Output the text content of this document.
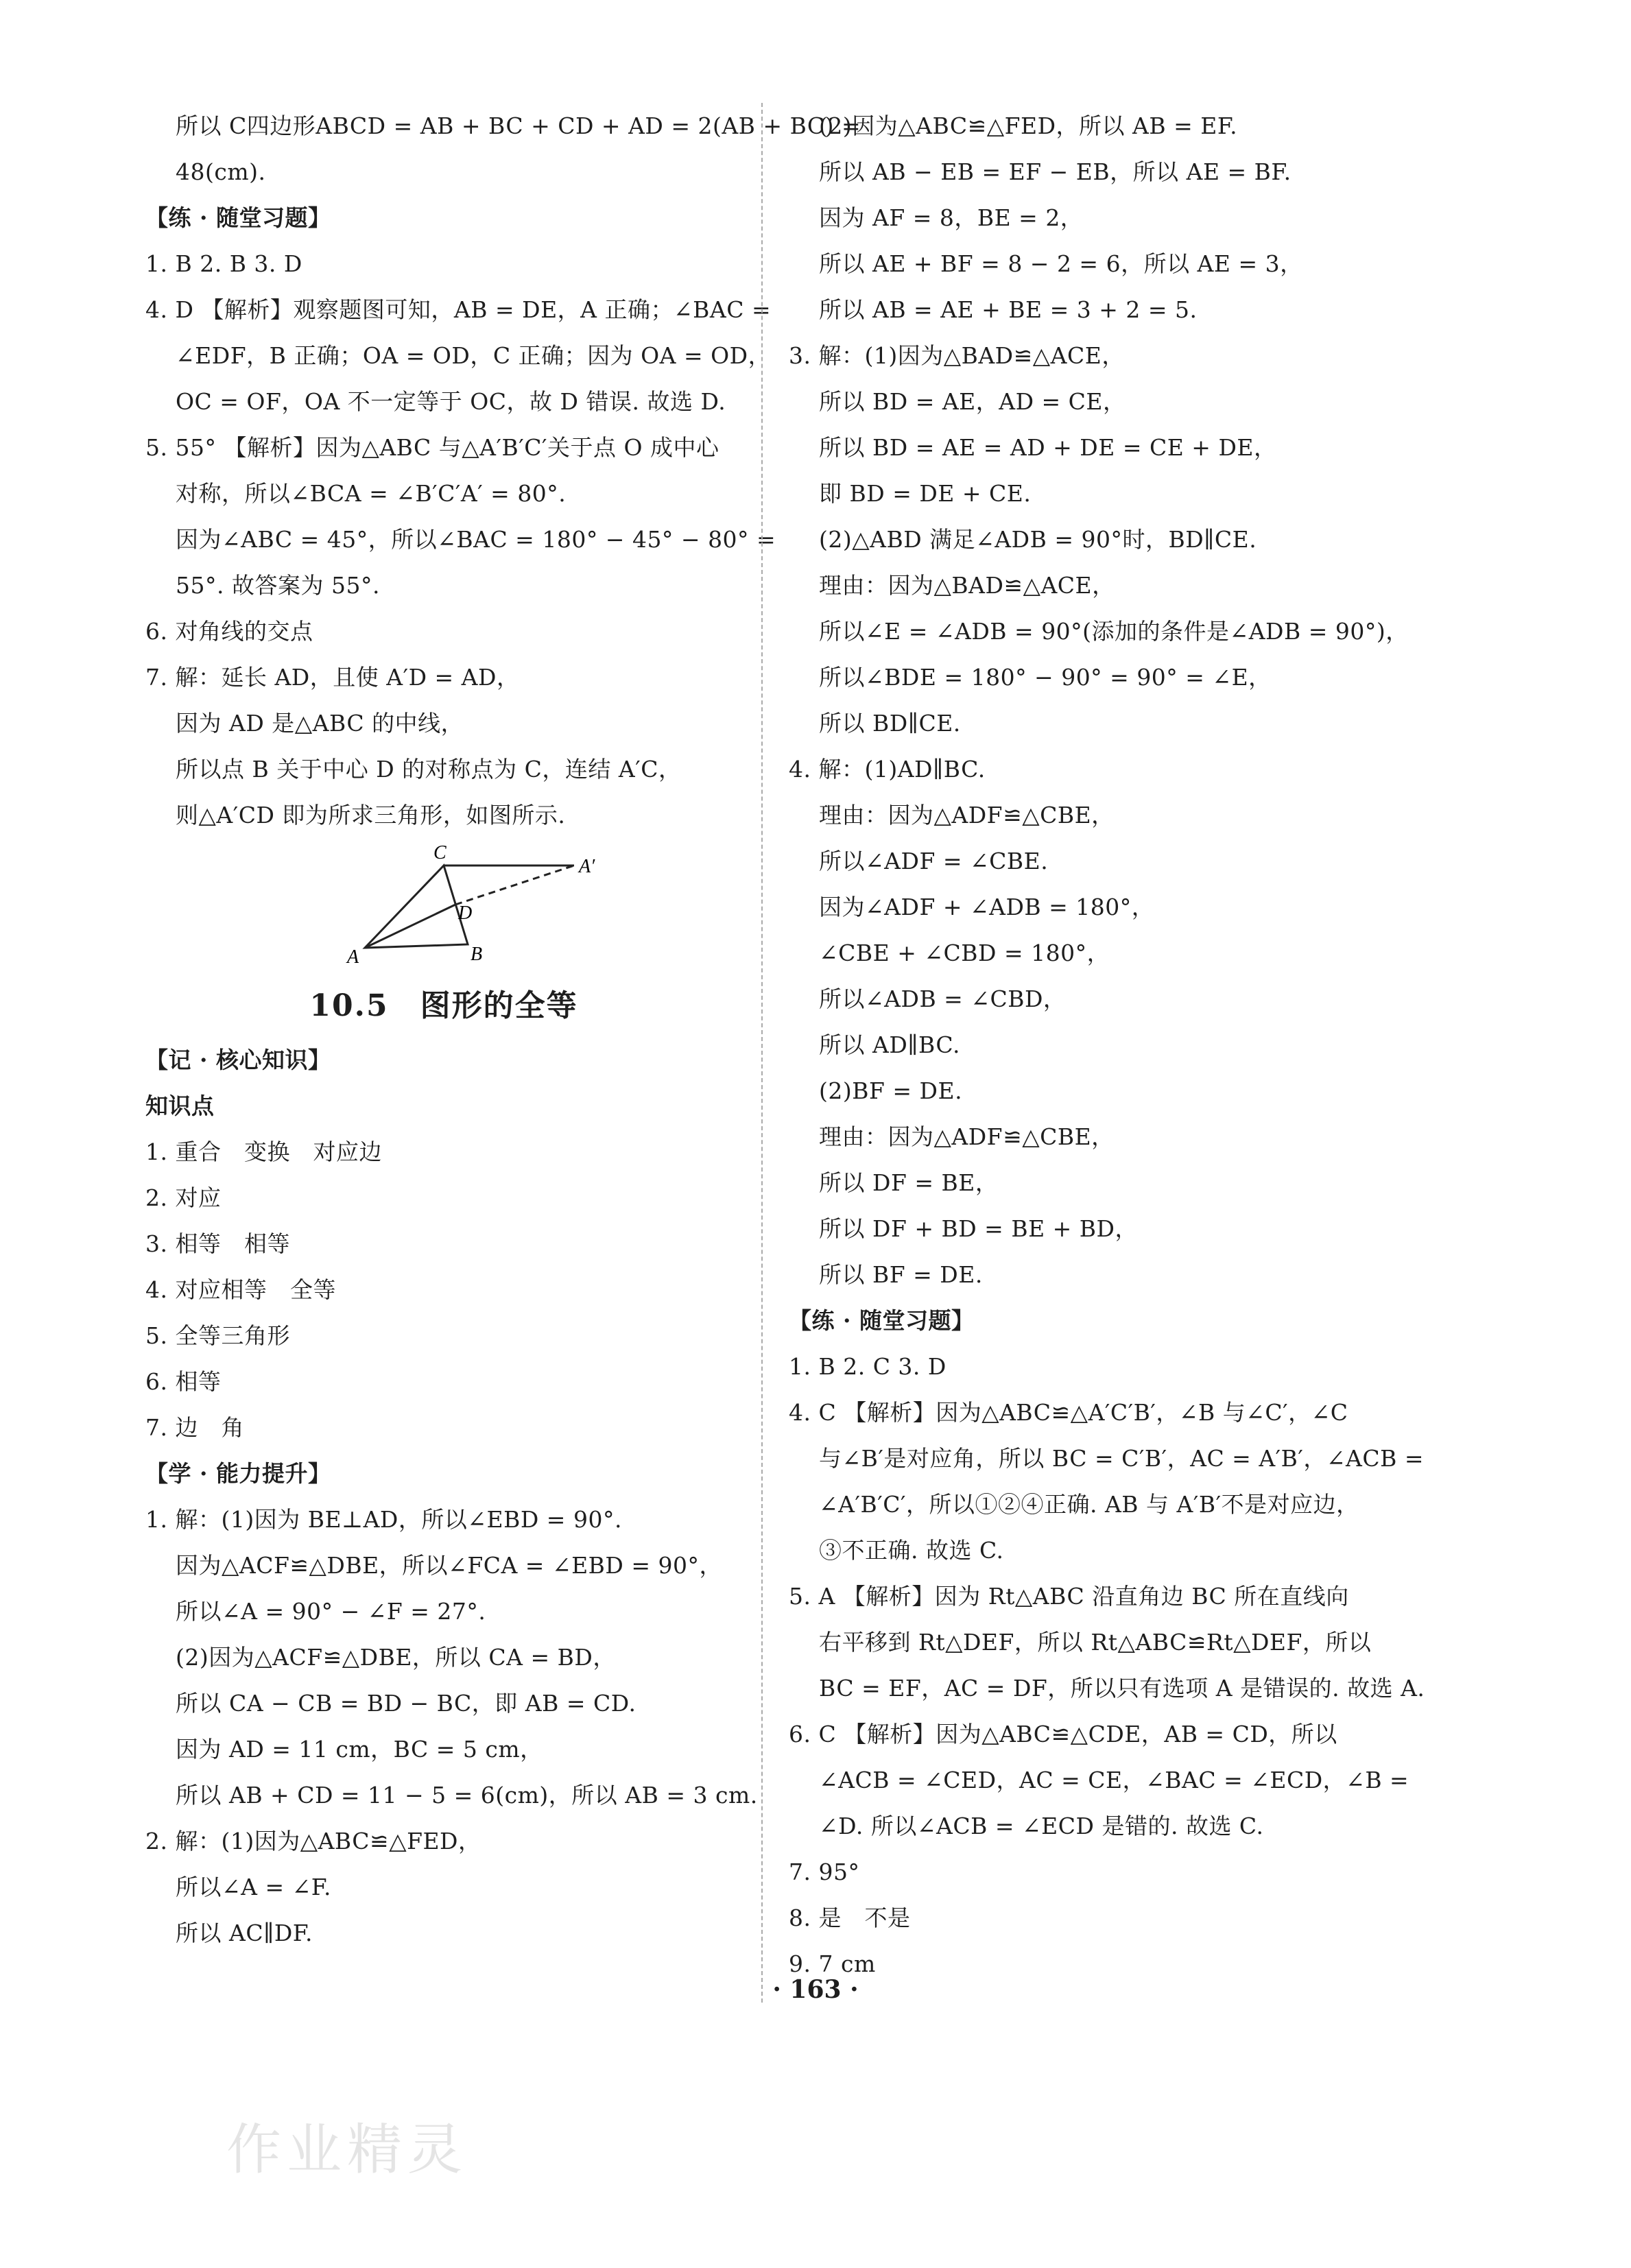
所以 C四边形ABCD = AB + BC + CD + AD = 2(AB + BC) =
48(cm).
【练 · 随堂习题】
1. B 2. B 3. D
4. D 【解析】观察题图可知，AB = DE，A 正确；∠BAC =
∠EDF，B 正确；OA = OD，C 正确；因为 OA = OD，
OC = OF，OA 不一定等于 OC，故 D 错误. 故选 D.
5. 55° 【解析】因为△ABC 与△A′B′C′关于点 O 成中心
对称，所以∠BCA = ∠B′C′A′ = 80°.
因为∠ABC = 45°，所以∠BAC = 180° − 45° − 80° =
55°. 故答案为 55°.
6. 对角线的交点
7. 解：延长 AD，且使 A′D = AD，
因为 AD 是△ABC 的中线，
所以点 B 关于中心 D 的对称点为 C，连结 A′C，
则△A′CD 即为所求三角形，如图所示.
C
A′
D
A	B
10.5　图形的全等
【记 · 核心知识】
知识点
1. 重合　变换　对应边
2. 对应
3. 相等　相等
4. 对应相等　全等
5. 全等三角形
6. 相等
7. 边　角
【学 · 能力提升】
1. 解：(1)因为 BE⊥AD，所以∠EBD = 90°.
因为△ACF≌△DBE，所以∠FCA = ∠EBD = 90°，
所以∠A = 90° − ∠F = 27°.
(2)因为△ACF≌△DBE，所以 CA = BD，
所以 CA − CB = BD − BC，即 AB = CD.
因为 AD = 11 cm，BC = 5 cm，
所以 AB + CD = 11 − 5 = 6(cm)，所以 AB = 3 cm.
2. 解：(1)因为△ABC≌△FED，
所以∠A = ∠F.
所以 AC∥DF.
(2)因为△ABC≌△FED，所以 AB = EF.
所以 AB − EB = EF − EB，所以 AE = BF.
因为 AF = 8，BE = 2，
所以 AE + BF = 8 − 2 = 6，所以 AE = 3，
所以 AB = AE + BE = 3 + 2 = 5.
3. 解：(1)因为△BAD≌△ACE，
所以 BD = AE，AD = CE，
所以 BD = AE = AD + DE = CE + DE，
即 BD = DE + CE.
(2)△ABD 满足∠ADB = 90°时，BD∥CE.
理由：因为△BAD≌△ACE，
所以∠E = ∠ADB = 90°(添加的条件是∠ADB = 90°)，
所以∠BDE = 180° − 90° = 90° = ∠E，
所以 BD∥CE.
4. 解：(1)AD∥BC.
理由：因为△ADF≌△CBE，
所以∠ADF = ∠CBE.
因为∠ADF + ∠ADB = 180°，
∠CBE + ∠CBD = 180°，
所以∠ADB = ∠CBD，
所以 AD∥BC.
(2)BF = DE.
理由：因为△ADF≌△CBE，
所以 DF = BE，
所以 DF + BD = BE + BD，
所以 BF = DE.
【练 · 随堂习题】
1. B 2. C 3. D
4. C 【解析】因为△ABC≌△A′C′B′，∠B 与∠C′，∠C
与∠B′是对应角，所以 BC = C′B′，AC = A′B′，∠ACB =
∠A′B′C′，所以①②④正确. AB 与 A′B′不是对应边，
③不正确. 故选 C.
5. A 【解析】因为 Rt△ABC 沿直角边 BC 所在直线向
右平移到 Rt△DEF，所以 Rt△ABC≌Rt△DEF，所以
BC = EF，AC = DF，所以只有选项 A 是错误的. 故选 A.
6. C 【解析】因为△ABC≌△CDE，AB = CD，所以
∠ACB = ∠CED，AC = CE，∠BAC = ∠ECD，∠B =
∠D. 所以∠ACB = ∠ECD 是错的. 故选 C.
7. 95°
8. 是　不是
9. 7 cm
· 163 ·
作业精灵
